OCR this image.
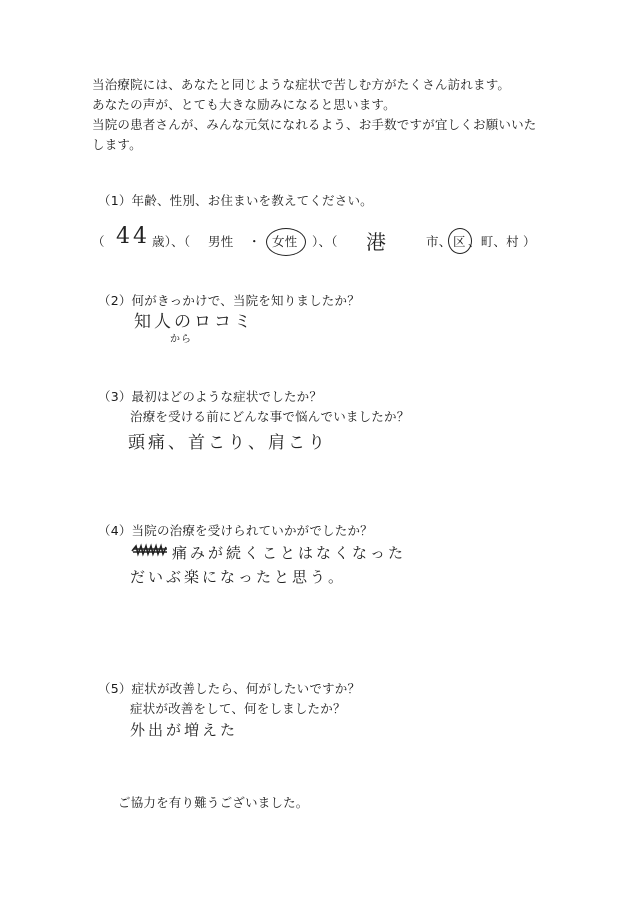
当治療院には、あなたと同じような症状で苦しむ方がたくさん訪れます。
あなたの声が、とても大きな励みになると思います。
当院の患者さんが、みんな元気になれるよう、お手数ですが宜しくお願いいた
します。
（1）年齢、性別、お住まいを教えてください。
（ 44 歳）、（ 男性 ・ 女性 ）、（ 港	市、 区 、町、村 ）
（2）何がきっかけで、当院を知りましたか？
知人のロコミ
から
（3）最初はどのような症状でしたか？
治療を受ける前にどんな事で悩んでいましたか？
頭痛、首こり、肩こり
（4）当院の治療を受けられていかがでしたか？
痛みが続くことはなくなった
だいぶ楽になったと思う。
（5）症状が改善したら、何がしたいですか？
症状が改善をして、何をしましたか？
外出が増えた
ご協力を有り難うございました。
